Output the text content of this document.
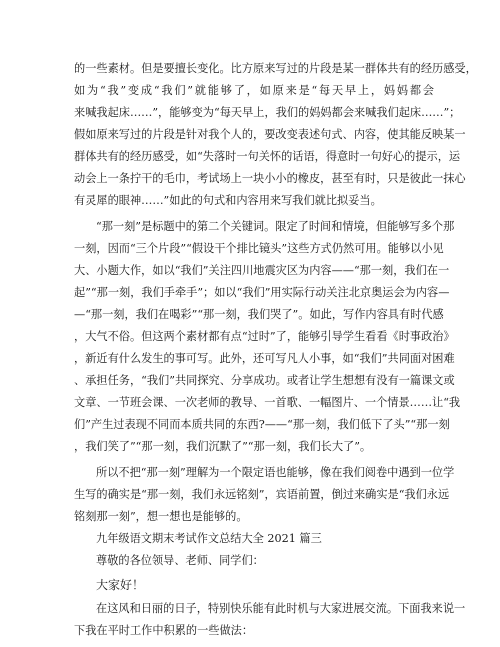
的一些素材。但是要擅长变化。比方原来写过的片段是某一群体共有的经历感受，
如为“我”变成“我们”就能够了，如原来是“每天早上，妈妈都会
来喊我起床……”，能够变为“每天早上，我们的妈妈都会来喊我们起床……”；
假如原来写过的片段是针对我个人的，要改变表述句式、内容，使其能反映某一
群体共有的经历感受，如“失落时一句关怀的话语，得意时一句好心的提示，运
动会上一条拧干的毛巾，考试场上一块小小的橡皮，甚至有时，只是彼此一抹心
有灵犀的眼神……”如此的句式和内容用来写我们就比拟妥当。
“那一刻”是标题中的第二个关键词。限定了时间和情境，但能够写多个那
一刻，因而“三个片段”“假设干个排比镜头”这些方式仍然可用。能够以小见
大、小题大作，如以“我们”关注四川地震灾区为内容——“那一刻，我们在一
起”“那一刻，我们手牵手”；如以“我们”用实际行动关注北京奥运会为内容—
—“那一刻，我们在喝彩”“那一刻，我们哭了”。如此，写作内容具有时代感
，大气不俗。但这两个素材都有点“过时”了，能够引导学生看看《时事政治》
，新近有什么发生的事可写。此外，还可写凡人小事，如“我们”共同面对困难
、承担任务，“我们”共同探究、分享成功。或者让学生想想有没有一篇课文或
文章、一节班会课、一次老师的教导、一首歌、一幅图片、一个情景……让“我
们”产生过表现不同而本质共同的东西?——“那一刻，我们低下了头”“那一刻
，我们笑了”“那一刻，我们沉默了”“那一刻，我们长大了”。
所以不把“那一刻”理解为一个限定语也能够，像在我们阅卷中遇到一位学
生写的确实是“那一刻，我们永远铭刻”，宾语前置，倒过来确实是“我们永远
铭刻那一刻”，想一想也是能够的。
九年级语文期末考试作文总结大全 2021 篇三
尊敬的各位领导、老师、同学们：
大家好！
在这风和日丽的日子，特别快乐能有此时机与大家进展交流。下面我来说一
下我在平时工作中积累的一些做法：
